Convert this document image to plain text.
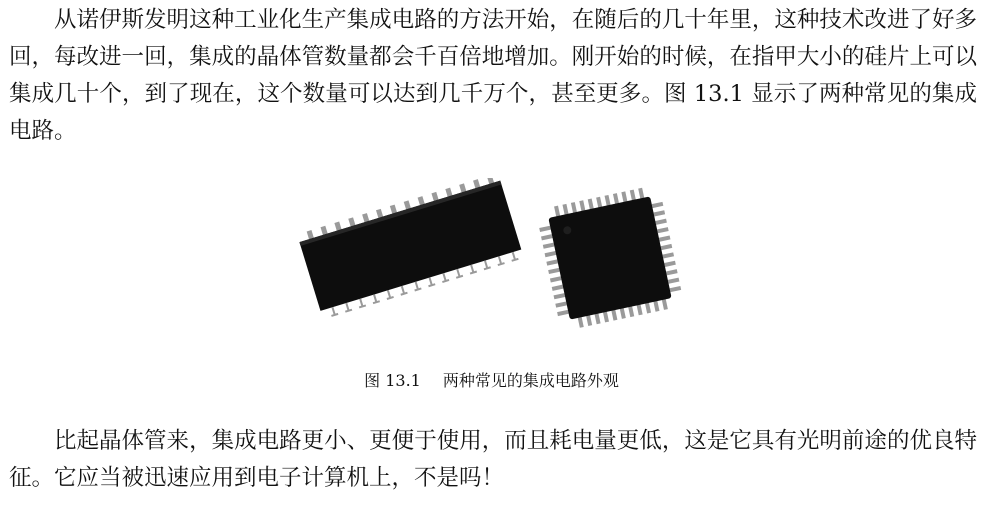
从诺伊斯发明这种工业化生产集成电路的方法开始，在随后的几十年里，这种技术改进了好多回，每改进一回，集成的晶体管数量都会千百倍地增加。刚开始的时候，在指甲大小的硅片上可以集成几十个，到了现在，这个数量可以达到几千万个，甚至更多。图 13.1 显示了两种常见的集成电路。

图 13.1 两种常见的集成电路外观

比起晶体管来，集成电路更小、更便于使用，而且耗电量更低，这是它具有光明前途的优良特征。它应当被迅速应用到电子计算机上，不是吗！
